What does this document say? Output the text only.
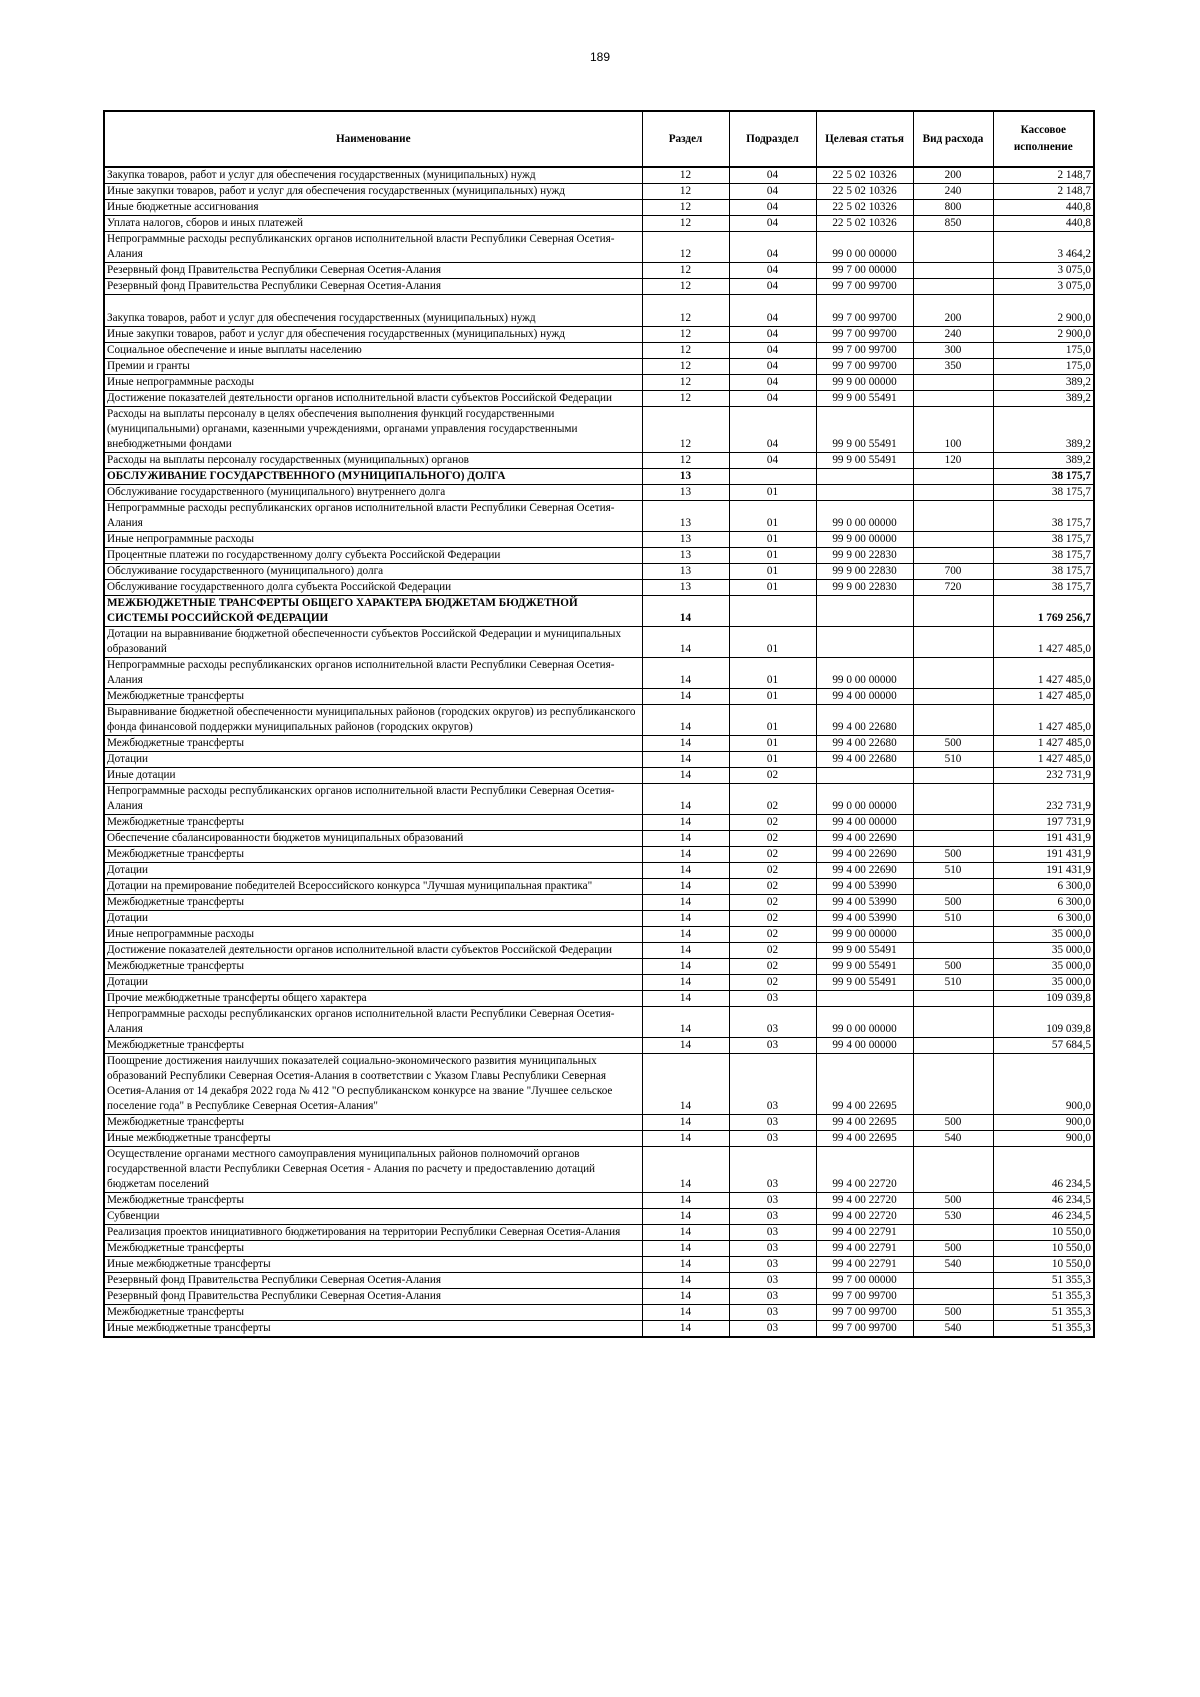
189
Наименование	Раздел	Подраздел	Целевая статья	Вид расхода	Кассовое исполнение
Закупка товаров, работ и услуг для обеспечения государственных (муниципальных) нужд	12	04	22 5 02 10326	200	2 148,7
Иные закупки товаров, работ и услуг для обеспечения государственных (муниципальных) нужд	12	04	22 5 02 10326	240	2 148,7
Иные бюджетные ассигнования	12	04	22 5 02 10326	800	440,8
Уплата налогов, сборов и иных платежей	12	04	22 5 02 10326	850	440,8
Непрограммные расходы республиканских органов исполнительной власти Республики Северная Осетия-Алания	12	04	99 0 00 00000		3 464,2
Резервный фонд Правительства Республики Северная Осетия-Алания	12	04	99 7 00 00000		3 075,0
Резервный фонд Правительства Республики Северная Осетия-Алания	12	04	99 7 00 99700		3 075,0
Закупка товаров, работ и услуг для обеспечения государственных (муниципальных) нужд	12	04	99 7 00 99700	200	2 900,0
Иные закупки товаров, работ и услуг для обеспечения государственных (муниципальных) нужд	12	04	99 7 00 99700	240	2 900,0
Социальное обеспечение и иные выплаты населению	12	04	99 7 00 99700	300	175,0
Премии и гранты	12	04	99 7 00 99700	350	175,0
Иные непрограммные расходы	12	04	99 9 00 00000		389,2
Достижение показателей деятельности органов исполнительной власти субъектов Российской Федерации	12	04	99 9 00 55491		389,2
Расходы на выплаты персоналу в целях обеспечения выполнения функций государственными (муниципальными) органами, казенными учреждениями, органами управления государственными внебюджетными фондами	12	04	99 9 00 55491	100	389,2
Расходы на выплаты персоналу государственных (муниципальных) органов	12	04	99 9 00 55491	120	389,2
ОБСЛУЖИВАНИЕ ГОСУДАРСТВЕННОГО (МУНИЦИПАЛЬНОГО) ДОЛГА	13				38 175,7
Обслуживание государственного (муниципального) внутреннего долга	13	01			38 175,7
Непрограммные расходы республиканских органов исполнительной власти Республики Северная Осетия-Алания	13	01	99 0 00 00000		38 175,7
Иные непрограммные расходы	13	01	99 9 00 00000		38 175,7
Процентные платежи по государственному долгу субъекта Российской Федерации	13	01	99 9 00 22830		38 175,7
Обслуживание государственного (муниципального) долга	13	01	99 9 00 22830	700	38 175,7
Обслуживание государственного долга субъекта Российской Федерации	13	01	99 9 00 22830	720	38 175,7
МЕЖБЮДЖЕТНЫЕ ТРАНСФЕРТЫ ОБЩЕГО ХАРАКТЕРА БЮДЖЕТАМ БЮДЖЕТНОЙ СИСТЕМЫ РОССИЙСКОЙ ФЕДЕРАЦИИ	14				1 769 256,7
Дотации на выравнивание бюджетной обеспеченности субъектов Российской Федерации и муниципальных образований	14	01			1 427 485,0
Непрограммные расходы республиканских органов исполнительной власти Республики Северная Осетия-Алания	14	01	99 0 00 00000		1 427 485,0
Межбюджетные трансферты	14	01	99 4 00 00000		1 427 485,0
Выравнивание бюджетной обеспеченности муниципальных районов (городских округов) из республиканского фонда финансовой поддержки муниципальных районов (городских округов)	14	01	99 4 00 22680		1 427 485,0
Межбюджетные трансферты	14	01	99 4 00 22680	500	1 427 485,0
Дотации	14	01	99 4 00 22680	510	1 427 485,0
Иные дотации	14	02			232 731,9
Непрограммные расходы республиканских органов исполнительной власти Республики Северная Осетия-Алания	14	02	99 0 00 00000		232 731,9
Межбюджетные трансферты	14	02	99 4 00 00000		197 731,9
Обеспечение сбалансированности бюджетов муниципальных образований	14	02	99 4 00 22690		191 431,9
Межбюджетные трансферты	14	02	99 4 00 22690	500	191 431,9
Дотации	14	02	99 4 00 22690	510	191 431,9
Дотации на премирование победителей Всероссийского конкурса "Лучшая муниципальная практика"	14	02	99 4 00 53990		6 300,0
Межбюджетные трансферты	14	02	99 4 00 53990	500	6 300,0
Дотации	14	02	99 4 00 53990	510	6 300,0
Иные непрограммные расходы	14	02	99 9 00 00000		35 000,0
Достижение показателей деятельности органов исполнительной власти субъектов Российской Федерации	14	02	99 9 00 55491		35 000,0
Межбюджетные трансферты	14	02	99 9 00 55491	500	35 000,0
Дотации	14	02	99 9 00 55491	510	35 000,0
Прочие межбюджетные трансферты общего характера	14	03			109 039,8
Непрограммные расходы республиканских органов исполнительной власти Республики Северная Осетия-Алания	14	03	99 0 00 00000		109 039,8
Межбюджетные трансферты	14	03	99 4 00 00000		57 684,5
Поощрение достижения наилучших показателей социально-экономического развития муниципальных образований Республики Северная Осетия-Алания в соответствии с Указом Главы Республики Северная Осетия-Алания от 14 декабря 2022 года № 412 "О республиканском конкурсе на звание "Лучшее сельское поселение года" в Республике Северная Осетия-Алания"	14	03	99 4 00 22695		900,0
Межбюджетные трансферты	14	03	99 4 00 22695	500	900,0
Иные межбюджетные трансферты	14	03	99 4 00 22695	540	900,0
Осуществление органами местного самоуправления муниципальных районов полномочий органов государственной власти Республики Северная Осетия - Алания по расчету и предоставлению дотаций бюджетам поселений	14	03	99 4 00 22720		46 234,5
Межбюджетные трансферты	14	03	99 4 00 22720	500	46 234,5
Субвенции	14	03	99 4 00 22720	530	46 234,5
Реализация проектов инициативного бюджетирования на территории Республики Северная Осетия-Алания	14	03	99 4 00 22791		10 550,0
Межбюджетные трансферты	14	03	99 4 00 22791	500	10 550,0
Иные межбюджетные трансферты	14	03	99 4 00 22791	540	10 550,0
Резервный фонд Правительства Республики Северная Осетия-Алания	14	03	99 7 00 00000		51 355,3
Резервный фонд Правительства Республики Северная Осетия-Алания	14	03	99 7 00 99700		51 355,3
Межбюджетные трансферты	14	03	99 7 00 99700	500	51 355,3
Иные межбюджетные трансферты	14	03	99 7 00 99700	540	51 355,3
